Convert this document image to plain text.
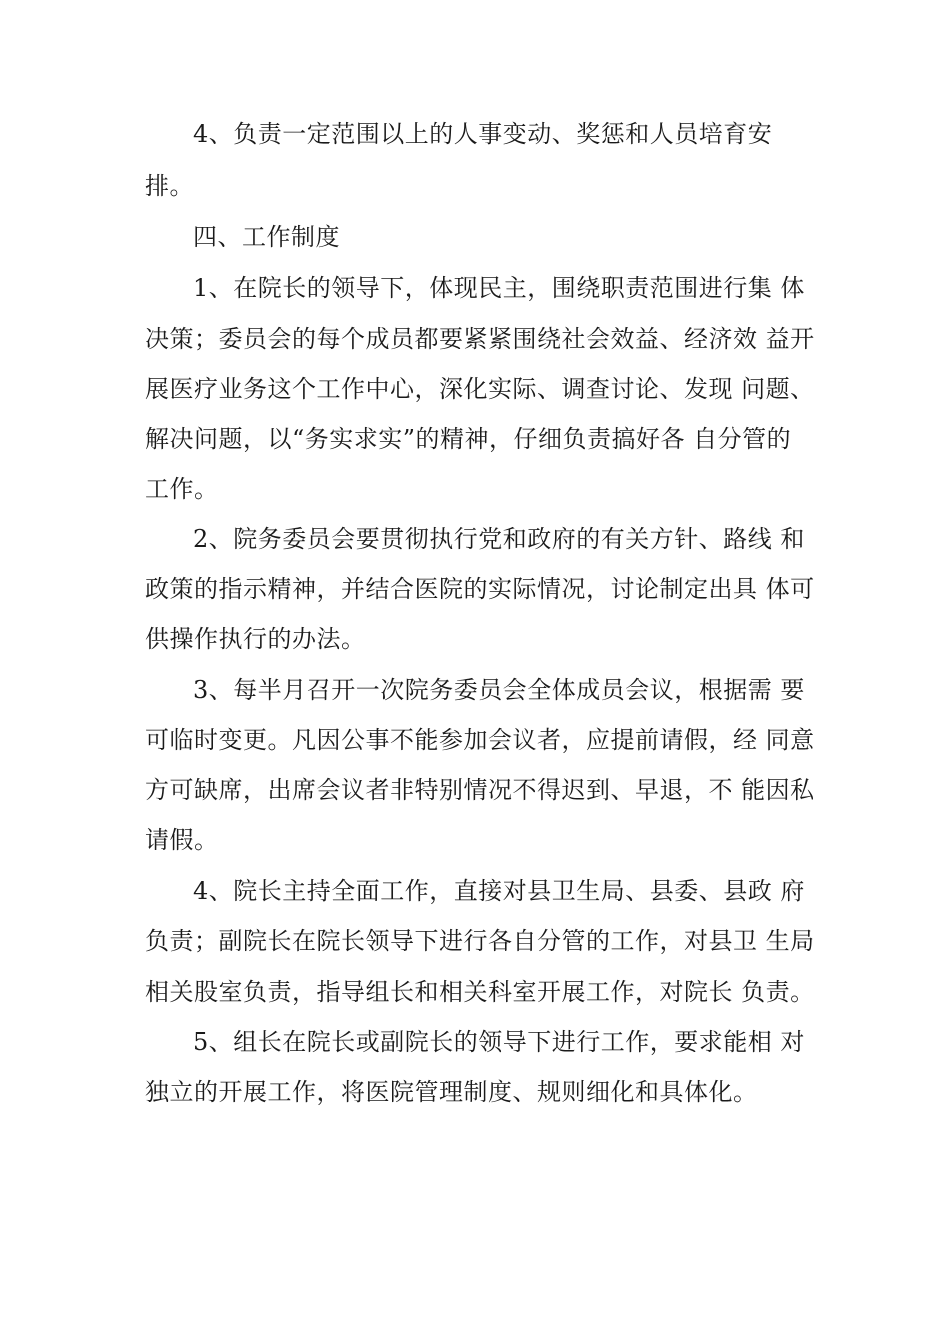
4、负责一定范围以上的人事变动、奖惩和人员培育安
排。
四、工作制度
1、在院长的领导下，体现民主，围绕职责范围进行集 体
决策；委员会的每个成员都要紧紧围绕社会效益、经济效 益开
展医疗业务这个工作中心，深化实际、调查讨论、发现 问题、
解决问题，以“务实求实”的精神，仔细负责搞好各 自分管的
工作。
2、院务委员会要贯彻执行党和政府的有关方针、路线 和
政策的指示精神，并结合医院的实际情况，讨论制定出具 体可
供操作执行的办法。
3、每半月召开一次院务委员会全体成员会议，根据需 要
可临时变更。凡因公事不能参加会议者，应提前请假，经 同意
方可缺席，出席会议者非特别情况不得迟到、早退，不 能因私
请假。
4、院长主持全面工作，直接对县卫生局、县委、县政 府
负责；副院长在院长领导下进行各自分管的工作，对县卫 生局
相关股室负责，指导组长和相关科室开展工作，对院长 负责。
5、组长在院长或副院长的领导下进行工作，要求能相 对
独立的开展工作，将医院管理制度、规则细化和具体化。
